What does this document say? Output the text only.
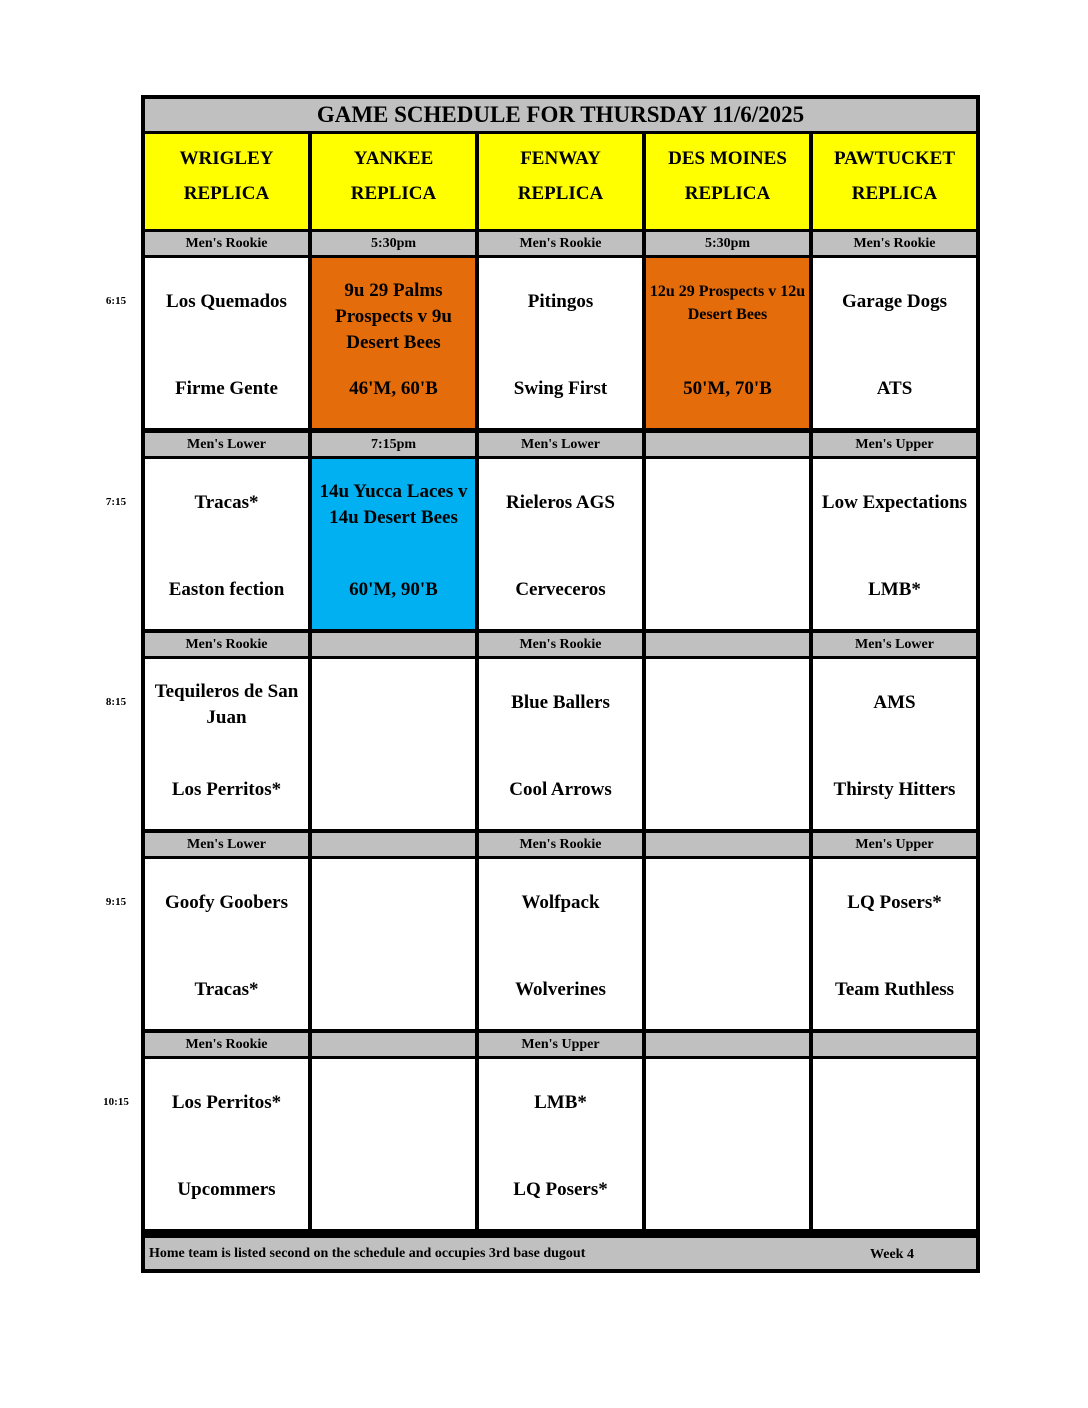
GAME SCHEDULE FOR THURSDAY 11/6/2025
WRIGLEY
REPLICA
YANKEE
REPLICA
FENWAY
REPLICA
DES MOINES
REPLICA
PAWTUCKET
REPLICA
Men's Rookie
Los Quemados
Firme Gente
5:30pm
9u 29 Palms Prospects v 9u Desert Bees
46'M, 60'B
Men's Rookie
Pitingos
Swing First
5:30pm
12u 29 Prospects v 12u Desert Bees
50'M, 70'B
Men's Rookie
Garage Dogs
ATS
Men's Lower
Tracas*
Easton fection
7:15pm
14u Yucca Laces v 14u Desert Bees
60'M, 90'B
Men's Lower
Rieleros AGS
Cerveceros
Men's Upper
Low Expectations
LMB*
Men's Rookie
Tequileros de San Juan
Los Perritos*
Men's Rookie
Blue Ballers
Cool Arrows
Men's Lower
AMS
Thirsty Hitters
Men's Lower
Goofy Goobers
Tracas*
Men's Rookie
Wolfpack
Wolverines
Men's Upper
LQ Posers*
Team Ruthless
Men's Rookie
Los Perritos*
Upcommers
Men's Upper
LMB*
LQ Posers*
Home team is listed second on the schedule and occupies 3rd base dugout	Week 4
6:15
7:15
8:15
9:15
10:15
